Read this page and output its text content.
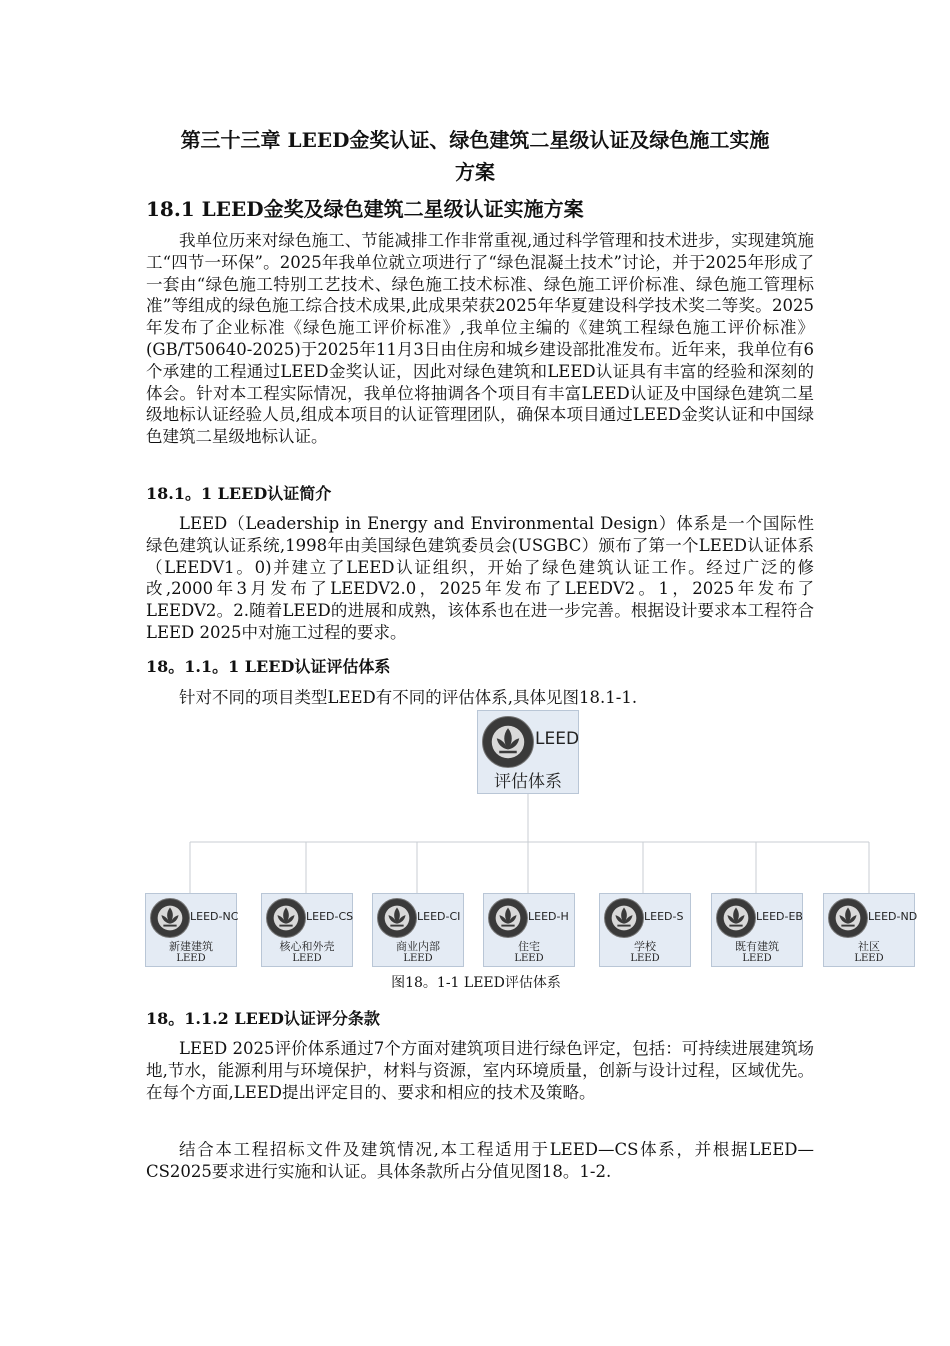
第三十三章 LEED金奖认证、绿色建筑二星级认证及绿色施工实施
方案
18.1 LEED金奖及绿色建筑二星级认证实施方案

我单位历来对绿色施工、节能减排工作非常重视,通过科学管理和技术进步，实现建筑施工“四节一环保”。2025年我单位就立项进行了“绿色混凝土技术”讨论，并于2025年形成了一套由“绿色施工特别工艺技术、绿色施工技术标准、绿色施工评价标准、绿色施工管理标准”等组成的绿色施工综合技术成果,此成果荣获2025年华夏建设科学技术奖二等奖。2025年发布了企业标准《绿色施工评价标准》,我单位主编的《建筑工程绿色施工评价标准》(GB/T50640-2025)于2025年11月3日由住房和城乡建设部批准发布。近年来，我单位有6个承建的工程通过LEED金奖认证，因此对绿色建筑和LEED认证具有丰富的经验和深刻的体会。针对本工程实际情况，我单位将抽调各个项目有丰富LEED认证及中国绿色建筑二星级地标认证经验人员,组成本项目的认证管理团队，确保本项目通过LEED金奖认证和中国绿色建筑二星级地标认证。

18.1。1 LEED认证简介

LEED（Leadership in Energy and Environmental Design）体系是一个国际性绿色建筑认证系统,1998年由美国绿色建筑委员会(USGBC）颁布了第一个LEED认证体系（LEEDV1。0)并建立了LEED认证组织，开始了绿色建筑认证工作。经过广泛的修改,2000年3月发布了LEEDV2.0，2025年发布了LEEDV2。1，2025年发布了LEEDV2。2.随着LEED的进展和成熟，该体系也在进一步完善。根据设计要求本工程符合LEED 2025中对施工过程的要求。

18。1.1。1 LEED认证评估体系

针对不同的项目类型LEED有不同的评估体系,具体见图18.1-1.

LEED
评估体系
LEED-NC
新建建筑
LEED
LEED-CS
核心和外壳
LEED
LEED-CI
商业内部
LEED
LEED-H
住宅
LEED
LEED-S
学校
LEED
LEED-EB
既有建筑
LEED
LEED-ND
社区
LEED
图18。1-1 LEED评估体系
18。1.1.2 LEED认证评分条款

LEED 2025评价体系通过7个方面对建筑项目进行绿色评定，包括：可持续进展建筑场地,节水，能源利用与环境保护，材料与资源，室内环境质量，创新与设计过程，区域优先。在每个方面,LEED提出评定目的、要求和相应的技术及策略。

结合本工程招标文件及建筑情况,本工程适用于LEED—CS体系，并根据LEED—CS2025要求进行实施和认证。具体条款所占分值见图18。1-2.
